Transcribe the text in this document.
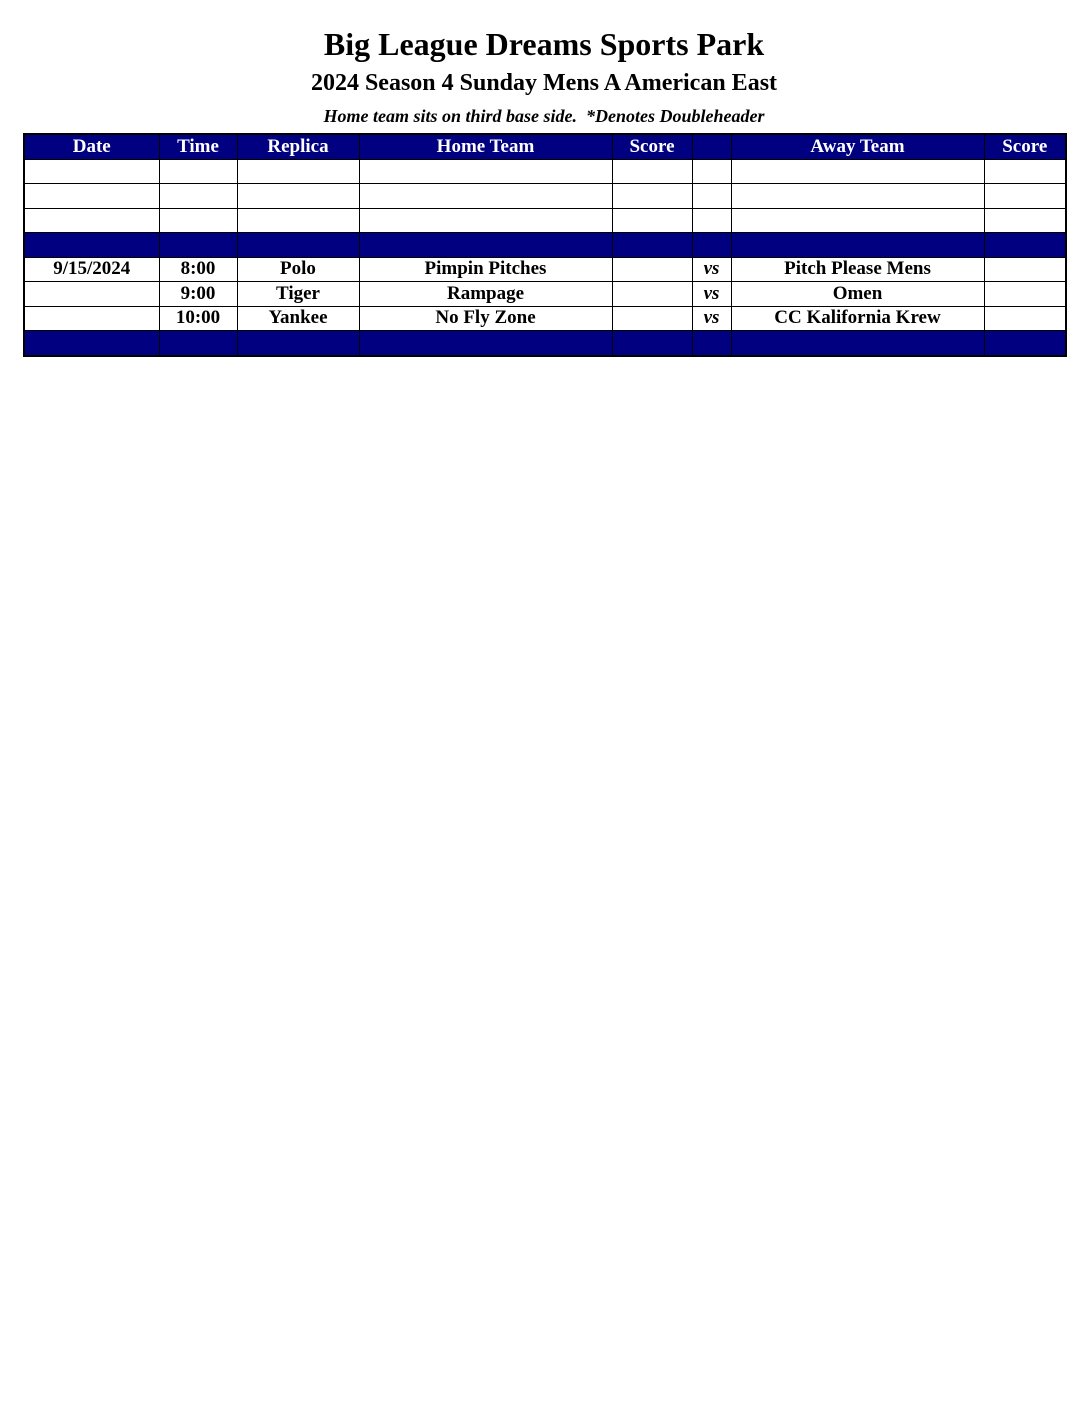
Big League Dreams Sports Park
2024 Season 4 Sunday Mens A American East
Home team sits on third base side.  *Denotes Doubleheader
Date	Time	Replica	Home Team	Score		Away Team	Score

9/15/2024	8:00	Polo	Pimpin Pitches		vs	Pitch Please Mens	
	9:00	Tiger	Rampage		vs	Omen	
	10:00	Yankee	No Fly Zone		vs	CC Kalifornia Krew	
